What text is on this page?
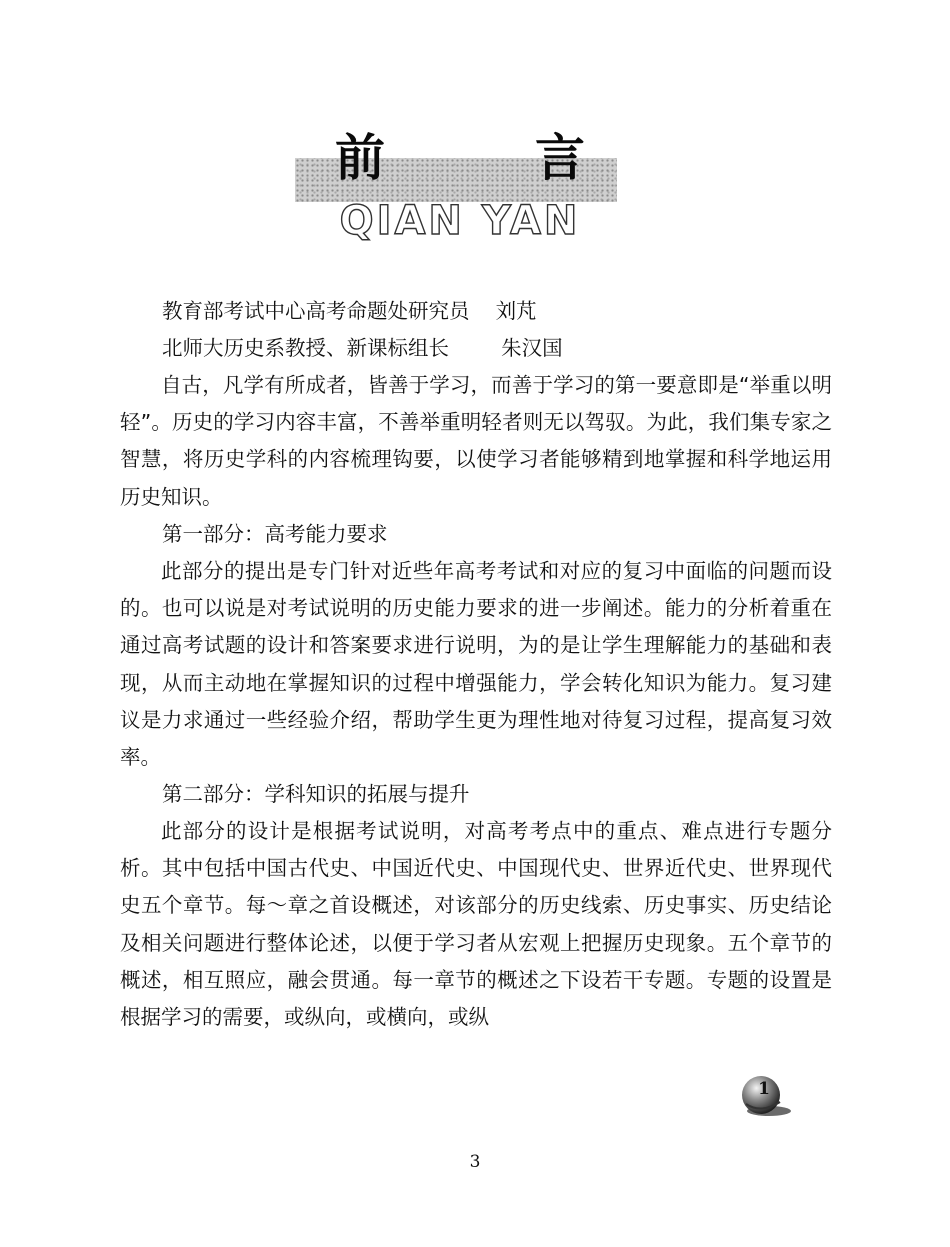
前	言
QIAN YAN

教育部考试中心高考命题处研究员    刘芃

北师大历史系教授、新课标组长        朱汉国

自古，凡学有所成者，皆善于学习，而善于学习的第一要意即是“举重以明轻”。历史的学习内容丰富，不善举重明轻者则无以驾驭。为此，我们集专家之智慧，将历史学科的内容梳理钩要，以使学习者能够精到地掌握和科学地运用历史知识。

第一部分：高考能力要求

此部分的提出是专门针对近些年高考考试和对应的复习中面临的问题而设的。也可以说是对考试说明的历史能力要求的进一步阐述。能力的分析着重在通过高考试题的设计和答案要求进行说明，为的是让学生理解能力的基础和表现，从而主动地在掌握知识的过程中增强能力，学会转化知识为能力。复习建议是力求通过一些经验介绍，帮助学生更为理性地对待复习过程，提高复习效率。

第二部分：学科知识的拓展与提升

此部分的设计是根据考试说明，对高考考点中的重点、难点进行专题分析。其中包括中国古代史、中国近代史、中国现代史、世界近代史、世界现代史五个章节。每～章之首设概述，对该部分的历史线索、历史事实、历史结论及相关问题进行整体论述，以便于学习者从宏观上把握历史现象。五个章节的概述，相互照应，融会贯通。每一章节的概述之下设若干专题。专题的设置是根据学习的需要，或纵向，或横向，或纵

1
3
